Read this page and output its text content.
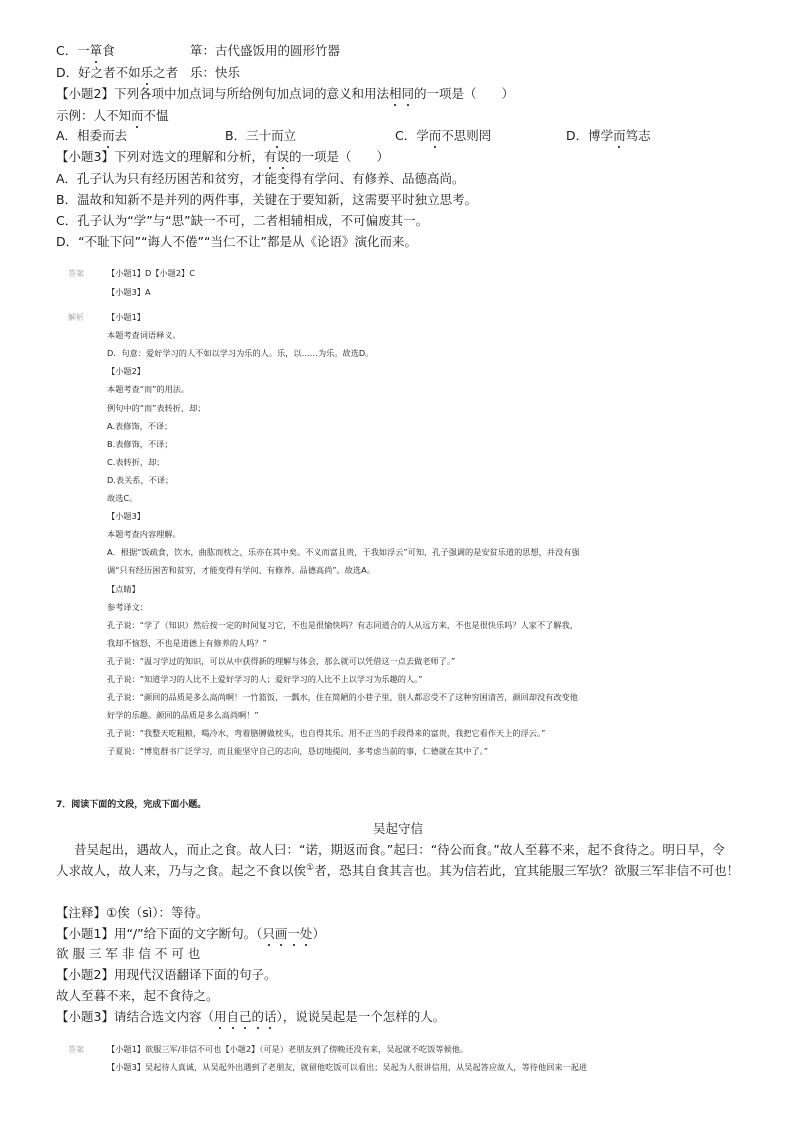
C．一箪食	箪：古代盛饭用的圆形竹器
D．好之者不如乐之者 乐：快乐
【小题2】下列各项中加点词与所给例句加点词的意义和用法相同的一项是（　　）
示例：人不知而不愠
A．相委而去	B．三十而立	C．学而不思则罔	D．博学而笃志
【小题3】下列对选文的理解和分析，有误的一项是（　　）
A．孔子认为只有经历困苦和贫穷，才能变得有学问、有修养、品德高尚。
B．温故和知新不是并列的两件事，关键在于要知新，这需要平时独立思考。
C．孔子认为“学”与“思”缺一不可，二者相辅相成，不可偏废其一。
D．“不耻下问”“诲人不倦”“当仁不让”都是从《论语》演化而来。
答案	【小题1】D【小题2】C
【小题3】A
解析	【小题1】
本题考查词语释义。
D．句意：爱好学习的人不如以学习为乐的人。乐，以……为乐。故选D。
【小题2】
本题考查“而”的用法。
例句中的“而”表转折，却；
A.表修饰，不译；
B.表修饰，不译；
C.表转折，却；
D.表关系，不译；
故选C。
【小题3】
本题考查内容理解。
A．根据“饭疏食，饮水，曲肱而枕之，乐亦在其中矣。不义而富且贵，于我如浮云”可知，孔子强调的是安贫乐道的思想，并没有强
调“只有经历困苦和贫穷，才能变得有学问、有修养、品德高尚”。故选A。
【点睛】
参考译文：
孔子说：“学了（知识）然后按一定的时间复习它，不也是很愉快吗？有志同道合的人从远方来，不也是很快乐吗？人家不了解我，
我却不恼怒，不也是道德上有修养的人吗？”
孔子说：“温习学过的知识，可以从中获得新的理解与体会，那么就可以凭借这一点去做老师了。”
孔子说：“知道学习的人比不上爱好学习的人；爱好学习的人比不上以学习为乐趣的人。”
孔子说：“颜回的品质是多么高尚啊！一竹篮饭，一瓢水，住在简陋的小巷子里，别人都忍受不了这种穷困清苦，颜回却没有改变他
好学的乐趣。颜回的品质是多么高尚啊！”
孔子说：“我整天吃粗粮，喝冷水，弯着胳膊做枕头，也自得其乐。用不正当的手段得来的富贵，我把它看作天上的浮云。”
子夏说：“博览群书广泛学习，而且能坚守自己的志向，恳切地提问，多考虑当前的事，仁德就在其中了。”
7．阅读下面的文段，完成下面小题。
吴起守信
昔吴起出，遇故人，而止之食。故人曰：“诺，期返而食。”起曰：“待公而食。”故人至暮不来，起不食待之。明日早，令
人求故人，故人来，乃与之食。起之不食以俟①者，恐其自食其言也。其为信若此，宜其能服三军欤？欲服三军非信不可也！
【注释】①俟（sì）：等待。
【小题1】用“/”给下面的文字断句。（只画一处）
欲 服 三 军 非 信 不 可 也
【小题2】用现代汉语翻译下面的句子。
故人至暮不来，起不食待之。
【小题3】请结合选文内容（用自己的话），说说吴起是一个怎样的人。
答案	【小题1】欲服三军/非信不可也【小题2】（可是）老朋友到了傍晚还没有来，吴起就不吃饭等候他。
【小题3】吴起待人真诚，从吴起外出遇到了老朋友，就留他吃饭可以看出；吴起为人很讲信用，从吴起答应故人，等待他回来一起进
